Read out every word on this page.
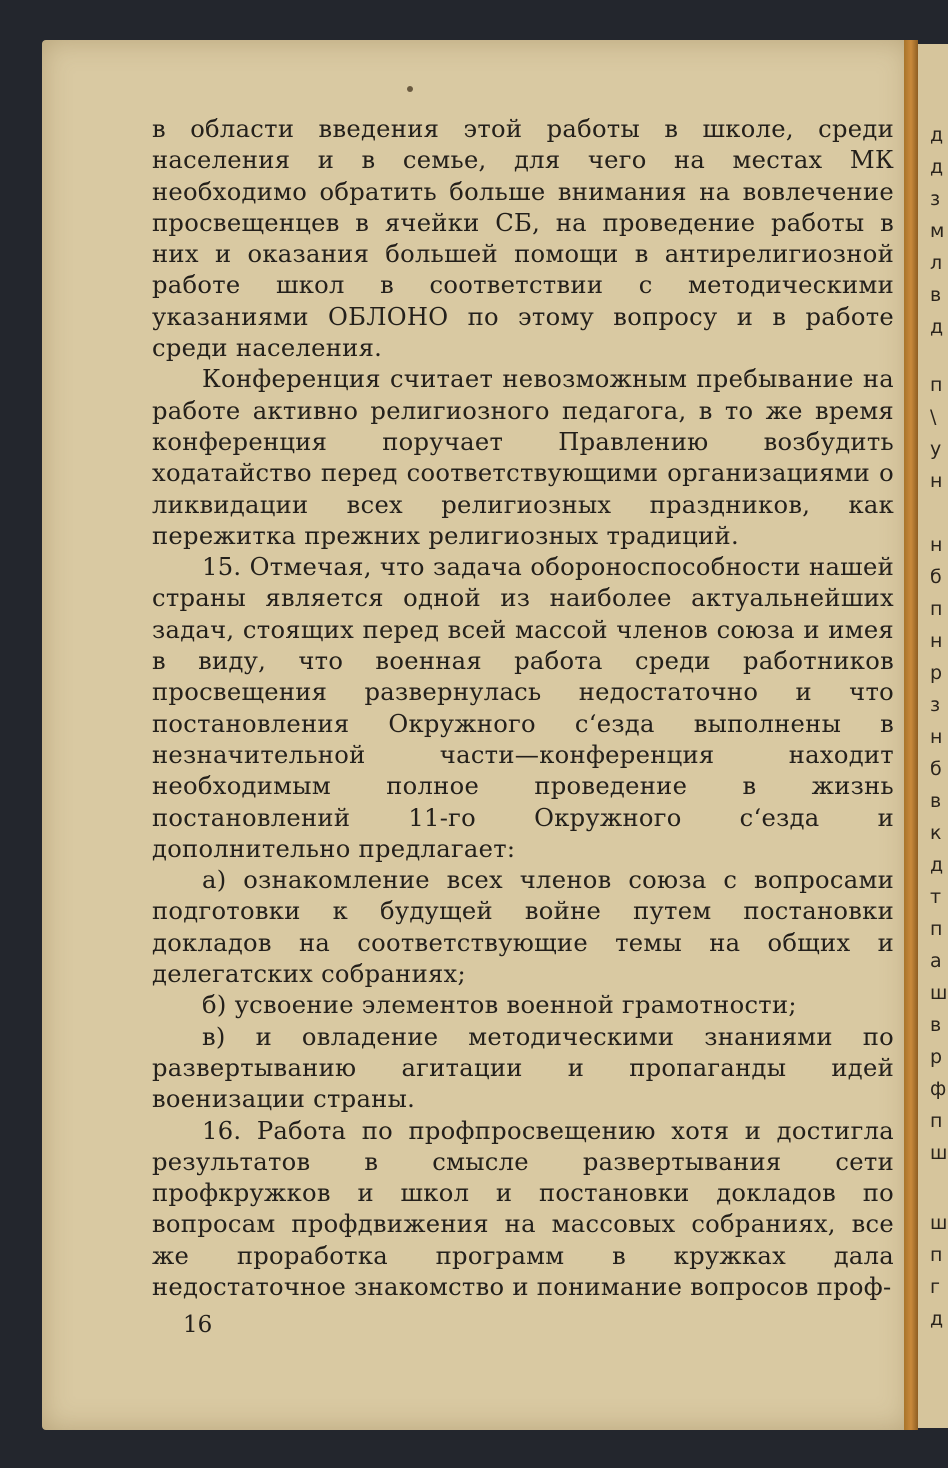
д
д
з
м
л
в
д
п
\
у
н
н
б
п
н
р
з
н
б
в
к
д
т
п
а
ш
в
р
ф
п
ш
ш
п
г
д

в области введения этой работы в школе, среди населения и в семье, для чего на местах МК необходимо обратить больше внимания на вовлечение просвещенцев в ячейки СБ, на проведение работы в них и оказания большей помощи в антирелигиозной работе школ в соответствии с методическими указаниями ОБЛОНО по этому вопросу и в работе среди населения.

Конференция считает невозможным пребывание на работе активно религиозного педагога, в то же время конференция поручает Правлению возбудить ходатайство перед соответствующими организациями о ликвидации всех религиозных праздников, как пережитка прежних религиозных традиций.

15. Отмечая, что задача обороноспособности нашей страны является одной из наиболее актуальнейших задач, стоящих перед всей массой членов союза и имея в виду, что военная работа среди работников просвещения развернулась недостаточно и что постановления Окружного с‘езда выполнены в незначительной части—конференция находит необходимым полное проведение в жизнь постановлений 11-го Окружного с‘езда и дополнительно предлагает:

а) ознакомление всех членов союза с вопросами подготовки к будущей войне путем постановки докладов на соответствующие темы на общих и делегатских собраниях;

б) усвоение элементов военной грамотности;

в) и овладение методическими знаниями по развертыванию агитации и пропаганды идей военизации страны.

16. Работа по профпросвещению хотя и достигла результатов в смысле развертывания сети профкружков и школ и постановки докладов по вопросам профдвижения на массовых собраниях, все же проработка программ в кружках дала недостаточное знакомство и понимание вопросов проф-

16
